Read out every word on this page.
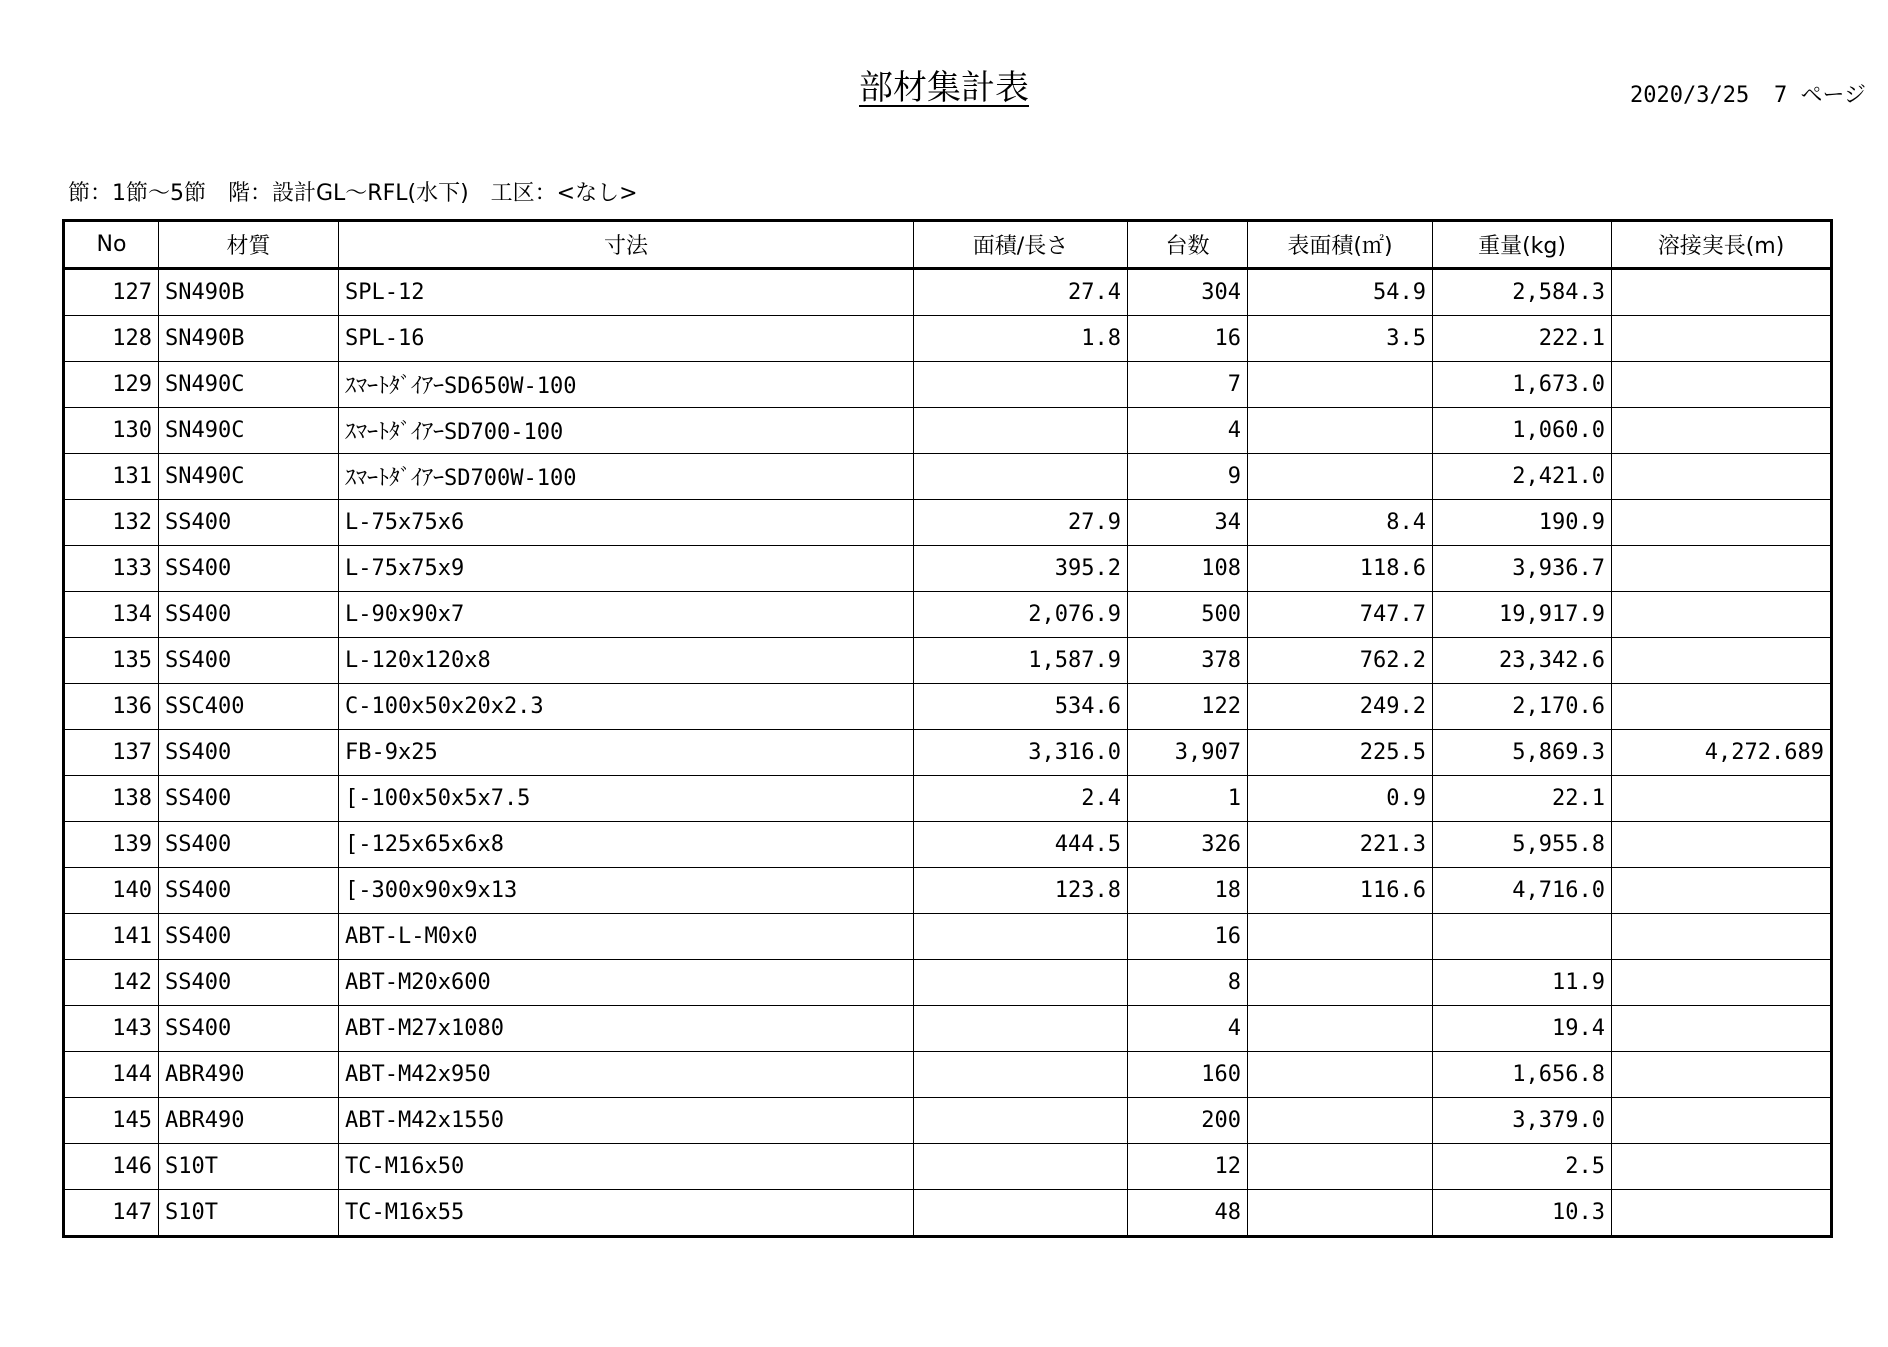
部材集計表	2020/3/25 7 ページ
節：1節～5節　階：設計GL～RFL(水下)　工区：<なし>
No	材質	寸法	面積/長さ	台数	表面積(㎡)	重量(kg)	溶接実長(m)
127	SN490B	SPL-12	27.4	304	54.9	2,584.3	
128	SN490B	SPL-16	1.8	16	3.5	222.1	
129	SN490C	ｽﾏｰﾄﾀﾞｲｱｰSD650W-100		7		1,673.0	
130	SN490C	ｽﾏｰﾄﾀﾞｲｱｰSD700-100		4		1,060.0	
131	SN490C	ｽﾏｰﾄﾀﾞｲｱｰSD700W-100		9		2,421.0	
132	SS400	L-75x75x6	27.9	34	8.4	190.9	
133	SS400	L-75x75x9	395.2	108	118.6	3,936.7	
134	SS400	L-90x90x7	2,076.9	500	747.7	19,917.9	
135	SS400	L-120x120x8	1,587.9	378	762.2	23,342.6	
136	SSC400	C-100x50x20x2.3	534.6	122	249.2	2,170.6	
137	SS400	FB-9x25	3,316.0	3,907	225.5	5,869.3	4,272.689
138	SS400	[-100x50x5x7.5	2.4	1	0.9	22.1	
139	SS400	[-125x65x6x8	444.5	326	221.3	5,955.8	
140	SS400	[-300x90x9x13	123.8	18	116.6	4,716.0	
141	SS400	ABT-L-M0x0		16			
142	SS400	ABT-M20x600		8		11.9	
143	SS400	ABT-M27x1080		4		19.4	
144	ABR490	ABT-M42x950		160		1,656.8	
145	ABR490	ABT-M42x1550		200		3,379.0	
146	S10T	TC-M16x50		12		2.5	
147	S10T	TC-M16x55		48		10.3	
